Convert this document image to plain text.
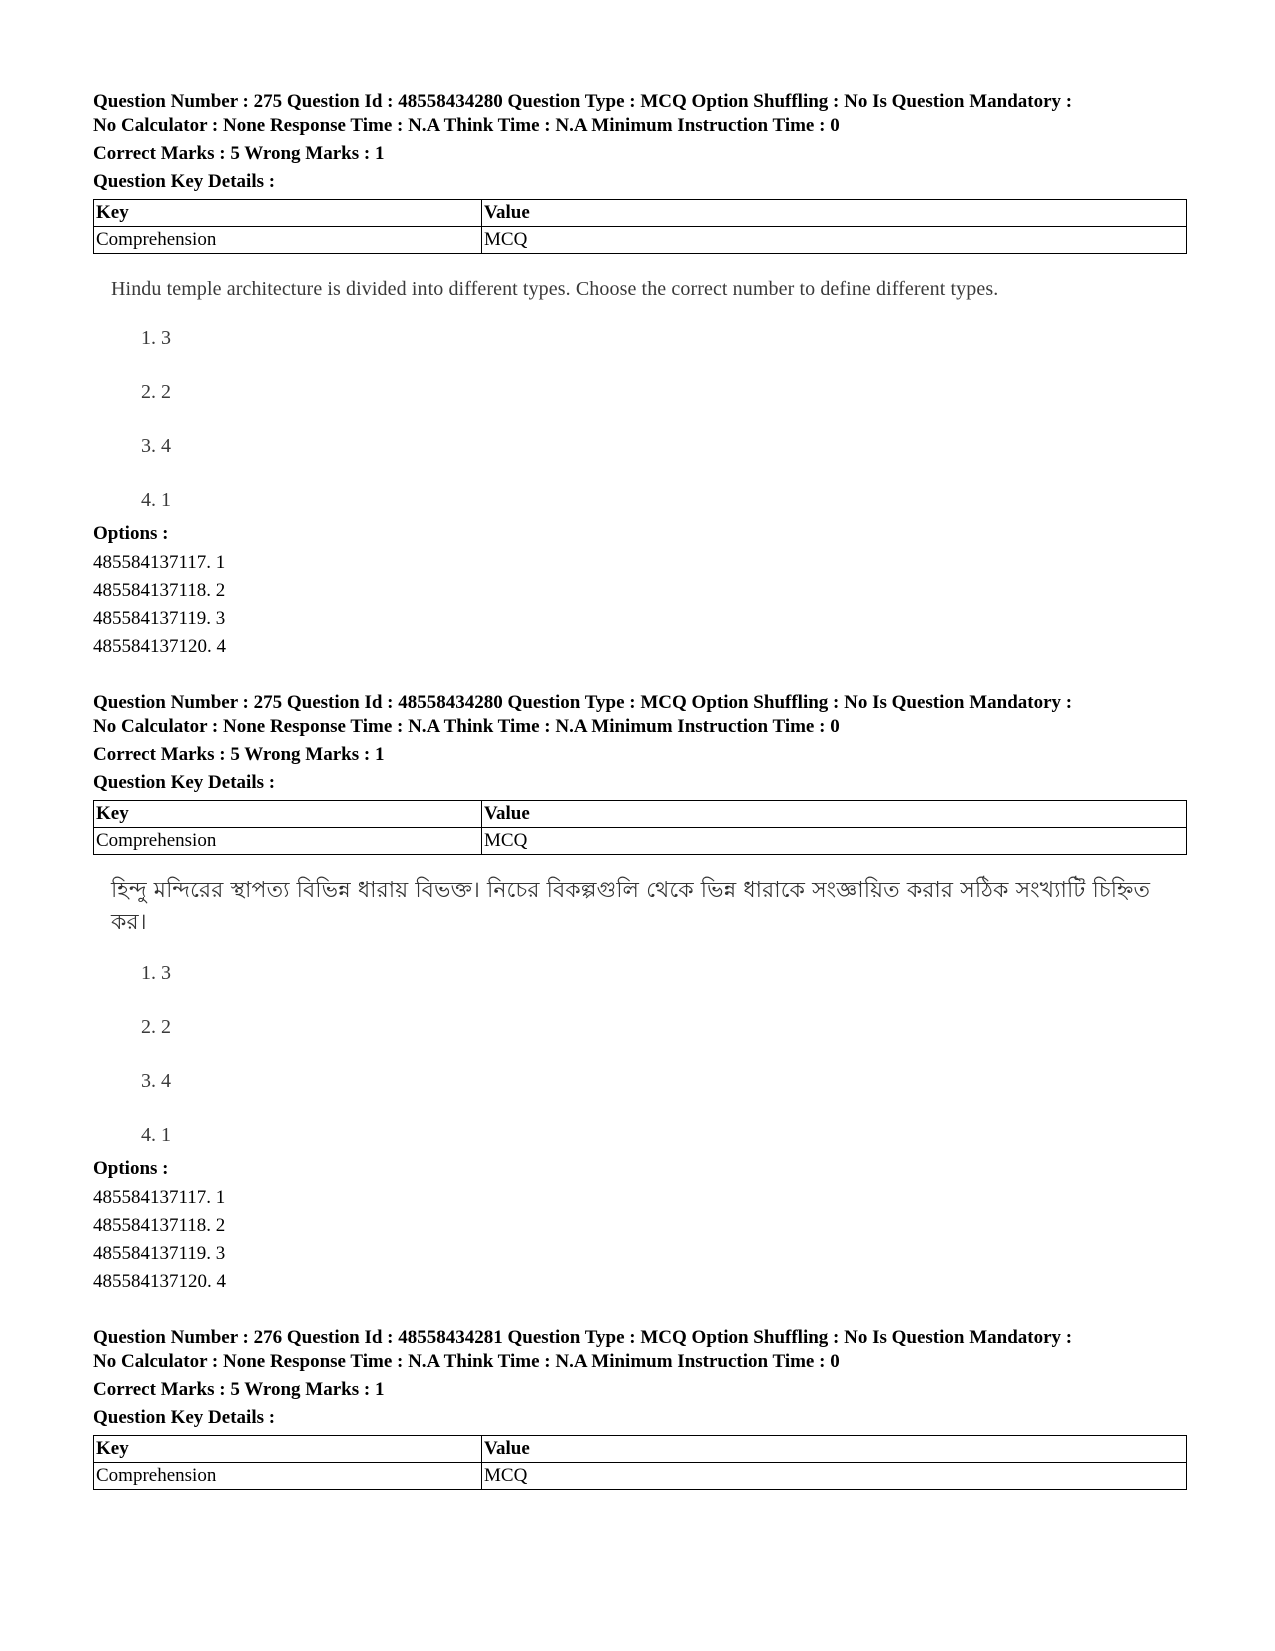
Question Number : 275 Question Id : 48558434280 Question Type : MCQ Option Shuffling : No Is Question Mandatory :
No Calculator : None Response Time : N.A Think Time : N.A Minimum Instruction Time : 0
Correct Marks : 5 Wrong Marks : 1
Question Key Details :
Key	Value
Comprehension	MCQ
Hindu temple architecture is divided into different types. Choose the correct number to define different types.
1. 3
2. 2
3. 4
4. 1
Options :
485584137117. 1
485584137118. 2
485584137119. 3
485584137120. 4
Question Number : 275 Question Id : 48558434280 Question Type : MCQ Option Shuffling : No Is Question Mandatory :
No Calculator : None Response Time : N.A Think Time : N.A Minimum Instruction Time : 0
Correct Marks : 5 Wrong Marks : 1
Question Key Details :
Key	Value
Comprehension	MCQ
হিন্দু মন্দিরের স্থাপত্য বিভিন্ন ধারায় বিভক্ত। নিচের বিকল্পগুলি থেকে ভিন্ন ধারাকে সংজ্ঞায়িত করার সঠিক সংখ্যাটি চিহ্নিত কর।
1. 3
2. 2
3. 4
4. 1
Options :
485584137117. 1
485584137118. 2
485584137119. 3
485584137120. 4
Question Number : 276 Question Id : 48558434281 Question Type : MCQ Option Shuffling : No Is Question Mandatory :
No Calculator : None Response Time : N.A Think Time : N.A Minimum Instruction Time : 0
Correct Marks : 5 Wrong Marks : 1
Question Key Details :
Key	Value
Comprehension	MCQ
